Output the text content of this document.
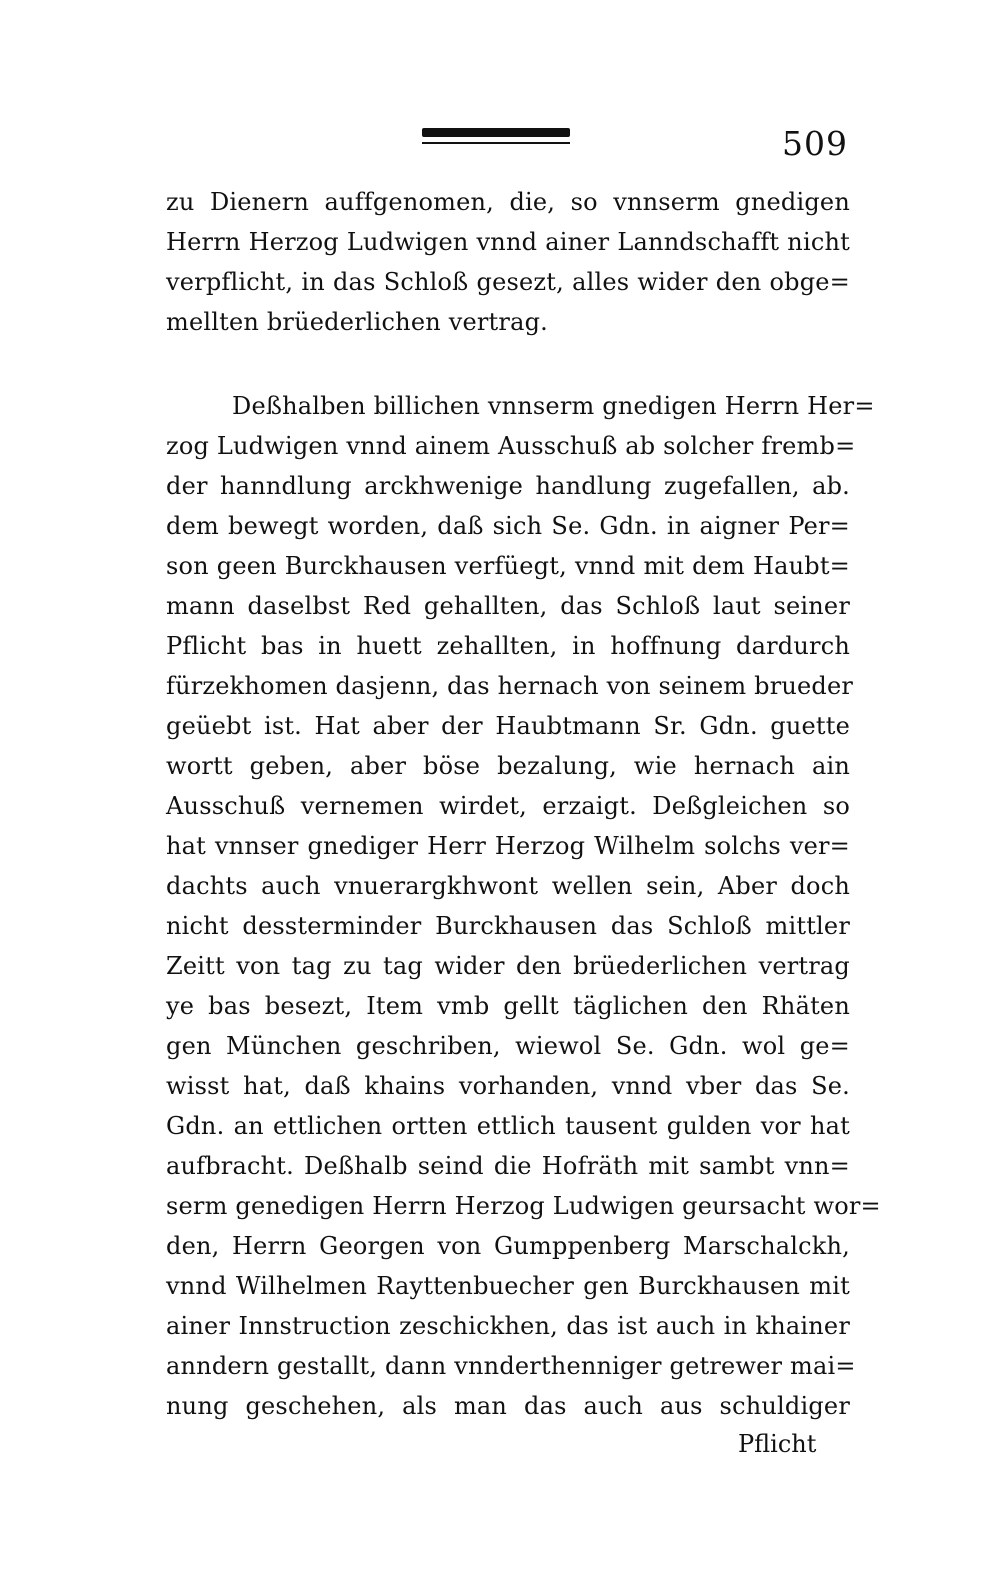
509
zu Dienern auffgenomen, die, so vnnserm gnedigen
Herrn Herzog Ludwigen vnnd ainer Lanndschafft nicht
verpflicht, in das Schloß gesezt, alles wider den obge=
mellten brüederlichen vertrag.
Deßhalben billichen vnnserm gnedigen Herrn Her=
zog Ludwigen vnnd ainem Ausschuß ab solcher fremb=
der hanndlung arckhwenige handlung zugefallen, ab.
dem bewegt worden, daß sich Se. Gdn. in aigner Per=
son geen Burckhausen verfüegt, vnnd mit dem Haubt=
mann daselbst Red gehallten, das Schloß laut seiner
Pflicht bas in huett zehallten, in hoffnung dardurch
fürzekhomen dasjenn, das hernach von seinem brueder
geüebt ist. Hat aber der Haubtmann Sr. Gdn. guette
wortt geben, aber böse bezalung, wie hernach ain
Ausschuß vernemen wirdet, erzaigt. Deßgleichen so
hat vnnser gnediger Herr Herzog Wilhelm solchs ver=
dachts auch vnuerargkhwont wellen sein, Aber doch
nicht dessterminder Burckhausen das Schloß mittler
Zeitt von tag zu tag wider den brüederlichen vertrag
ye bas besezt, Item vmb gellt täglichen den Rhäten
gen München geschriben, wiewol Se. Gdn. wol ge=
wisst hat, daß khains vorhanden, vnnd vber das Se.
Gdn. an ettlichen ortten ettlich tausent gulden vor hat
aufbracht. Deßhalb seind die Hofräth mit sambt vnn=
serm genedigen Herrn Herzog Ludwigen geursacht wor=
den, Herrn Georgen von Gumppenberg Marschalckh,
vnnd Wilhelmen Rayttenbuecher gen Burckhausen mit
ainer Innstruction zeschickhen, das ist auch in khainer
anndern gestallt, dann vnnderthenniger getrewer mai=
nung geschehen, als man das auch aus schuldiger
Pflicht
